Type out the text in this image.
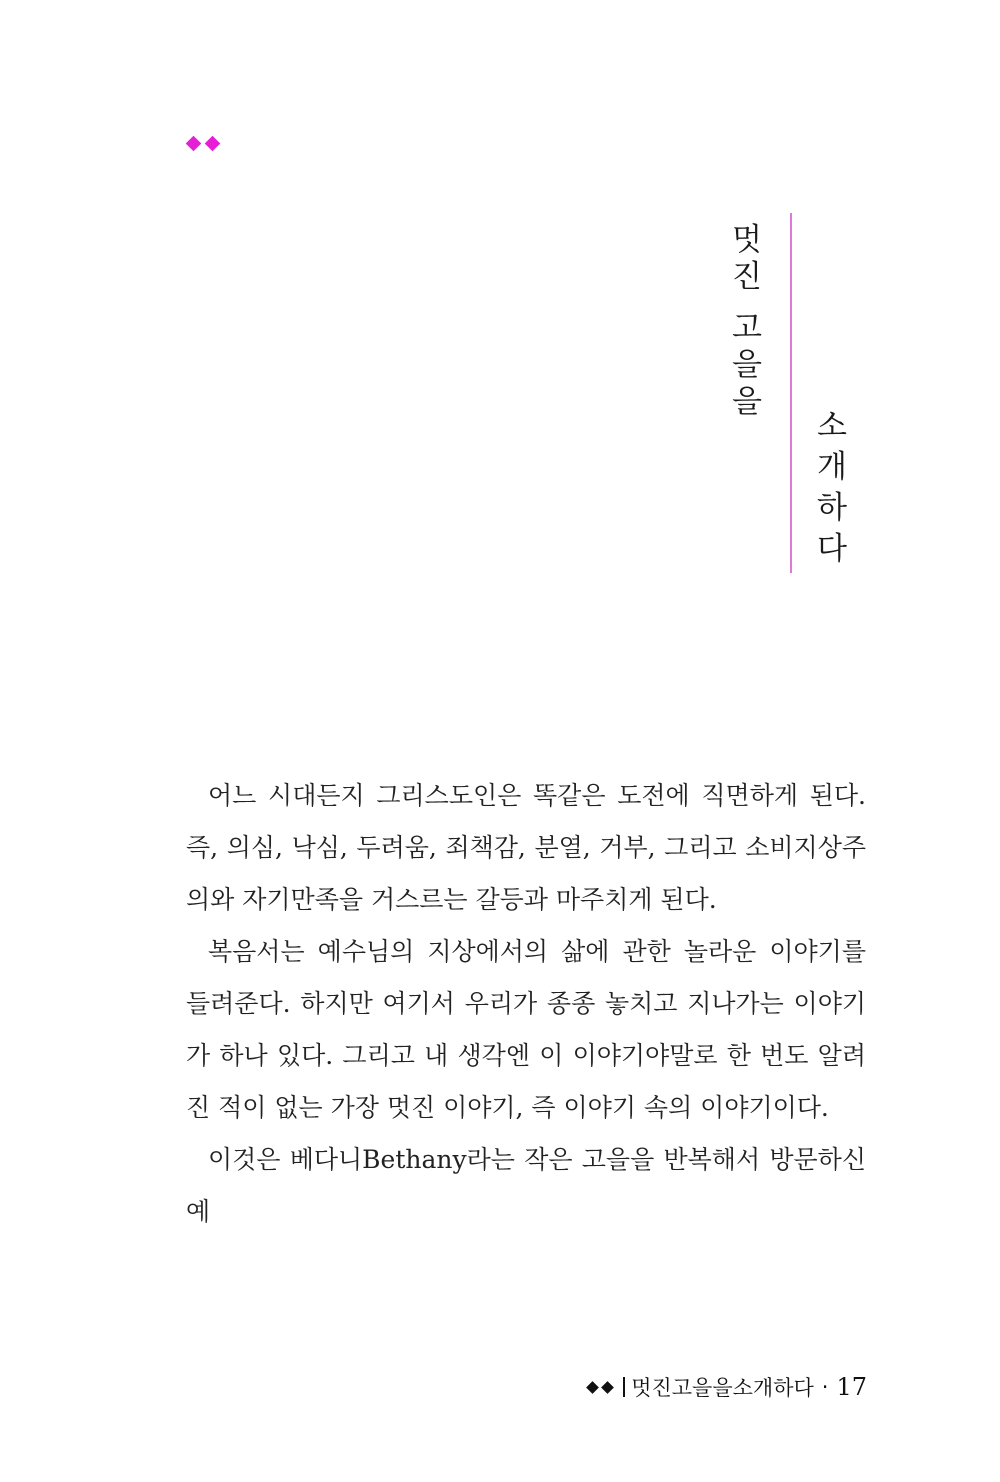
멋
진
고
을
을
소
개
하
다

어느 시대든지 그리스도인은 똑같은 도전에 직면하게 된다. 즉, 의심, 낙심, 두려움, 죄책감, 분열, 거부, 그리고 소비지상주의와 자기만족을 거스르는 갈등과 마주치게 된다.

복음서는 예수님의 지상에서의 삶에 관한 놀라운 이야기를 들려준다. 하지만 여기서 우리가 종종 놓치고 지나가는 이야기가 하나 있다. 그리고 내 생각엔 이 이야기야말로 한 번도 알려진 적이 없는 가장 멋진 이야기, 즉 이야기 속의 이야기이다.

이것은 베다니Bethany라는 작은 고을을 반복해서 방문하신 예

멋진고을을소개하다 · 17
